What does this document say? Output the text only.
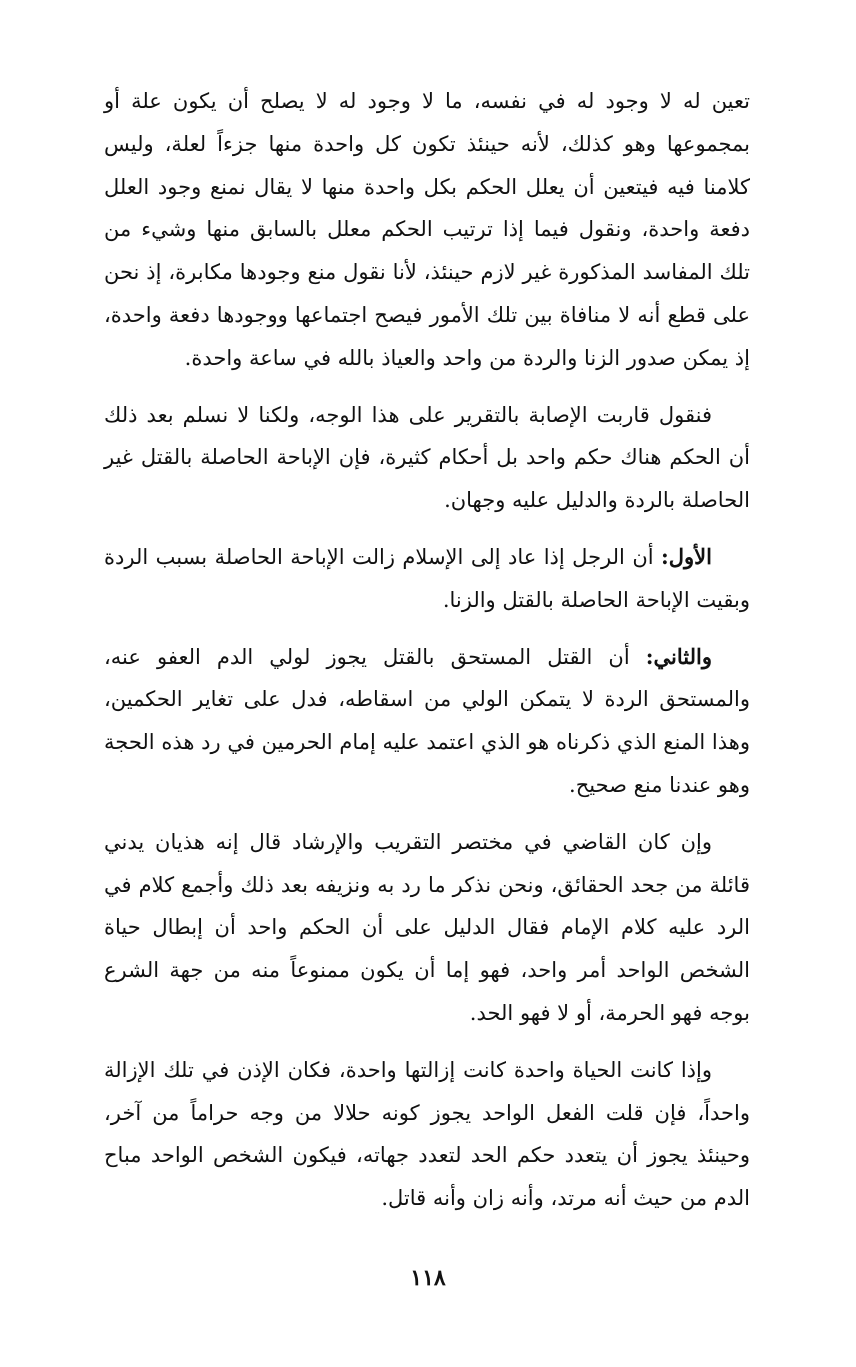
تعين له لا وجود له في نفسه، ما لا وجود له لا يصلح أن يكون علة أو بمجموعها وهو كذلك، لأنه حينئذ تكون كل واحدة منها جزءاً لعلة، وليس كلامنا فيه فيتعين أن يعلل الحكم بكل واحدة منها لا يقال نمنع وجود العلل دفعة واحدة، ونقول فيما إذا ترتيب الحكم معلل بالسابق منها وشيء من تلك المفاسد المذكورة غير لازم حينئذ، لأنا نقول منع وجودها مكابرة، إذ نحن على قطع أنه لا منافاة بين تلك الأمور فيصح اجتماعها ووجودها دفعة واحدة، إذ يمكن صدور الزنا والردة من واحد والعياذ بالله في ساعة واحدة.

فنقول قاربت الإصابة بالتقرير على هذا الوجه، ولكنا لا نسلم بعد ذلك أن الحكم هناك حكم واحد بل أحكام كثيرة، فإن الإباحة الحاصلة بالقتل غير الحاصلة بالردة والدليل عليه وجهان.

الأول: أن الرجل إذا عاد إلى الإسلام زالت الإباحة الحاصلة بسبب الردة وبقيت الإباحة الحاصلة بالقتل والزنا.

والثاني: أن القتل المستحق بالقتل يجوز لولي الدم العفو عنه، والمستحق الردة لا يتمكن الولي من اسقاطه، فدل على تغاير الحكمين، وهذا المنع الذي ذكرناه هو الذي اعتمد عليه إمام الحرمين في رد هذه الحجة وهو عندنا منع صحيح.

وإن كان القاضي في مختصر التقريب والإرشاد قال إنه هذيان يدني قائلة من جحد الحقائق، ونحن نذكر ما رد به ونزيفه بعد ذلك وأجمع كلام في الرد عليه كلام الإمام فقال الدليل على أن الحكم واحد أن إبطال حياة الشخص الواحد أمر واحد، فهو إما أن يكون ممنوعاً منه من جهة الشرع بوجه فهو الحرمة، أو لا فهو الحد.

وإذا كانت الحياة واحدة كانت إزالتها واحدة، فكان الإذن في تلك الإزالة واحداً، فإن قلت الفعل الواحد يجوز كونه حلالا من وجه حراماً من آخر، وحينئذ يجوز أن يتعدد حكم الحد لتعدد جهاته، فيكون الشخص الواحد مباح الدم من حيث أنه مرتد، وأنه زان وأنه قاتل.

١١٨
